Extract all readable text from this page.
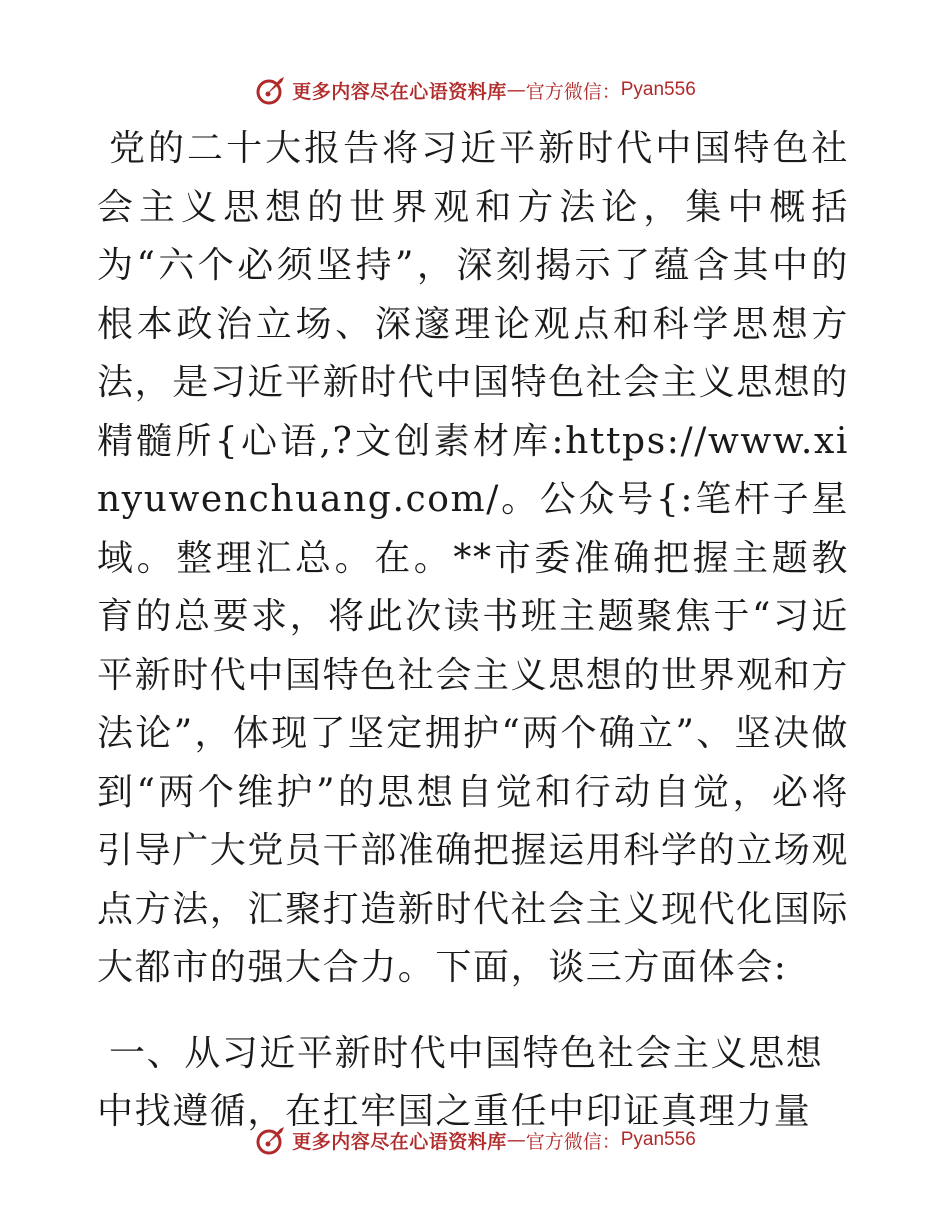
更多内容尽在心语资料库 — 官方微信： Pyan556

党的二十大报告将习近平新时代中国特色社会主义思想的世界观和方法论，集中概括为“六个必须坚持”，深刻揭示了蕴含其中的根本政治立场、深邃理论观点和科学思想方法，是习近平新时代中国特色社会主义思想的精髓所{心语,?文创素材库:https://www.xinyuwenchuang.com/。公众号{:笔杆子星域。整理汇总。在。**市委准确把握主题教育的总要求，将此次读书班主题聚焦于“习近平新时代中国特色社会主义思想的世界观和方法论”，体现了坚定拥护“两个确立”、坚决做到“两个维护”的思想自觉和行动自觉，必将引导广大党员干部准确把握运用科学的立场观点方法，汇聚打造新时代社会主义现代化国际大都市的强大合力。下面，谈三方面体会:

一、从习近平新时代中国特色社会主义思想中找遵循，在扛牢国之重任中印证真理力量

更多内容尽在心语资料库 — 官方微信： Pyan556
